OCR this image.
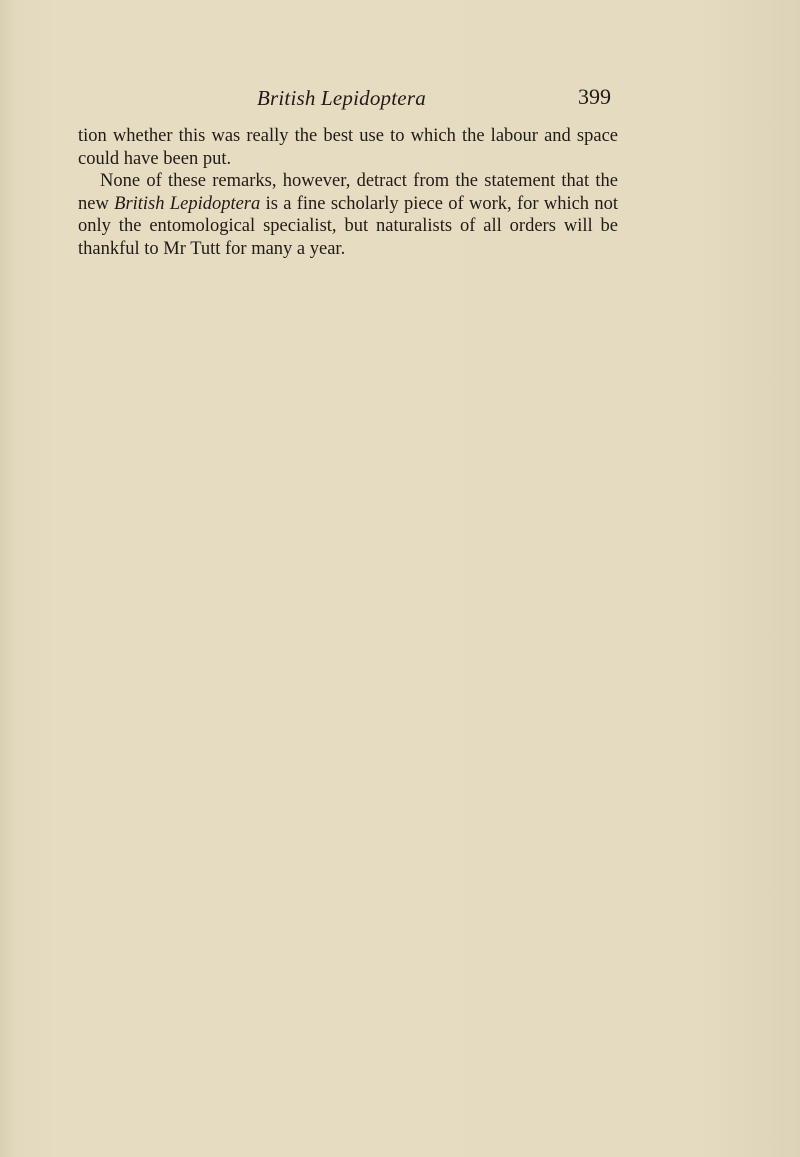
British Lepidoptera	399

tion whether this was really the best use to which the labour and space could have been put.

None of these remarks, however, detract from the statement that the new British Lepidoptera is a fine scholarly piece of work, for which not only the entomological specialist, but naturalists of all orders will be thankful to Mr Tutt for many a year.
